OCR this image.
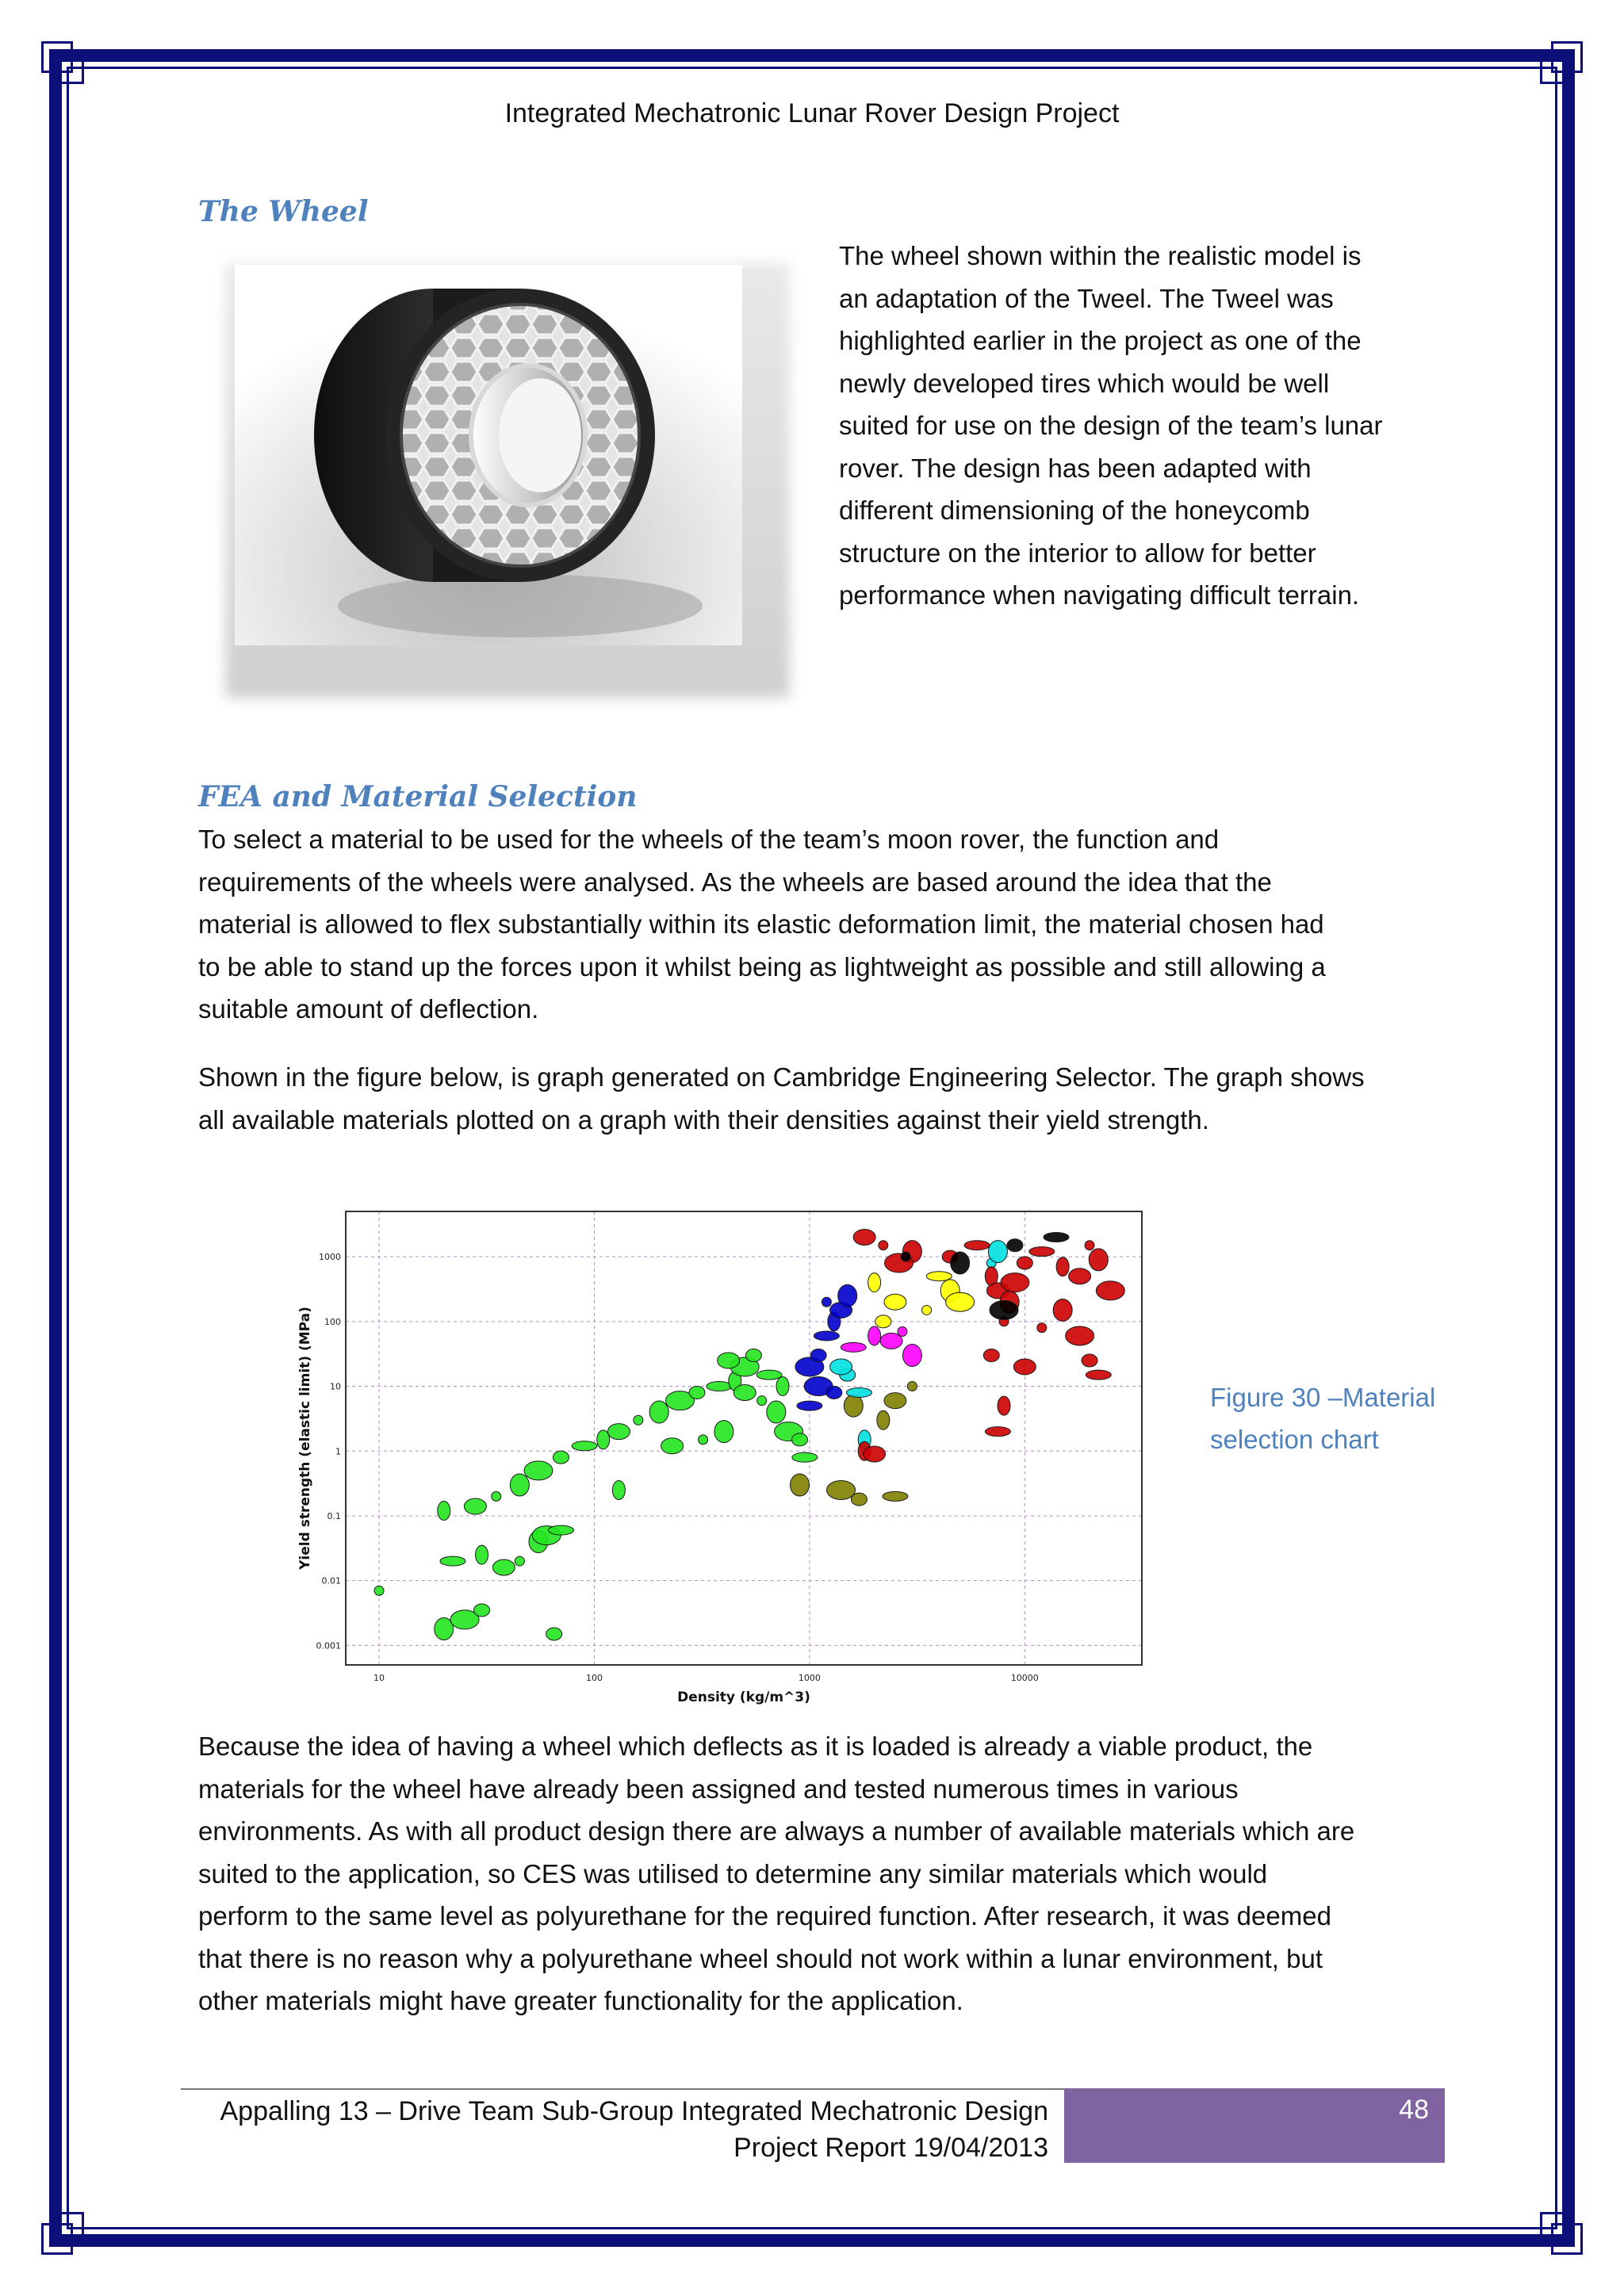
Integrated Mechatronic Lunar Rover Design Project
The Wheel

The wheel shown within the realistic model is

an adaptation of the Tweel. The Tweel was

highlighted earlier in the project as one of the

newly developed tires which would be well

suited for use on the design of the team’s lunar

rover. The design has been adapted with

different dimensioning of the honeycomb

structure on the interior to allow for better

performance when navigating difficult terrain.

FEA and Material Selection

To select a material to be used for the wheels of the team’s moon rover, the function and

requirements of the wheels were analysed. As the wheels are based around the idea that the

material is allowed to flex substantially within its elastic deformation limit, the material chosen had

to be able to stand up the forces upon it whilst being as lightweight as possible and still allowing a

suitable amount of deflection.

Shown in the figure below, is graph generated on Cambridge Engineering Selector. The graph shows

all available materials plotted on a graph with their densities against their yield strength.

10	100	1000	10000
0.001
0.01
0.1
1
10
100
1000
Density (kg/m^3)
Yield strength (elastic limit) (MPa)	Figure 30 –Material
selection chart

Because the idea of having a wheel which deflects as it is loaded is already a viable product, the

materials for the wheel have already been assigned and tested numerous times in various

environments. As with all product design there are always a number of available materials which are

suited to the application, so CES was utilised to determine any similar materials which would

perform to the same level as polyurethane for the required function. After research, it was deemed

that there is no reason why a polyurethane wheel should not work within a lunar environment, but

other materials might have greater functionality for the application.

Appalling 13 – Drive Team Sub-Group Integrated Mechatronic Design

Project Report 19/04/2013

48
